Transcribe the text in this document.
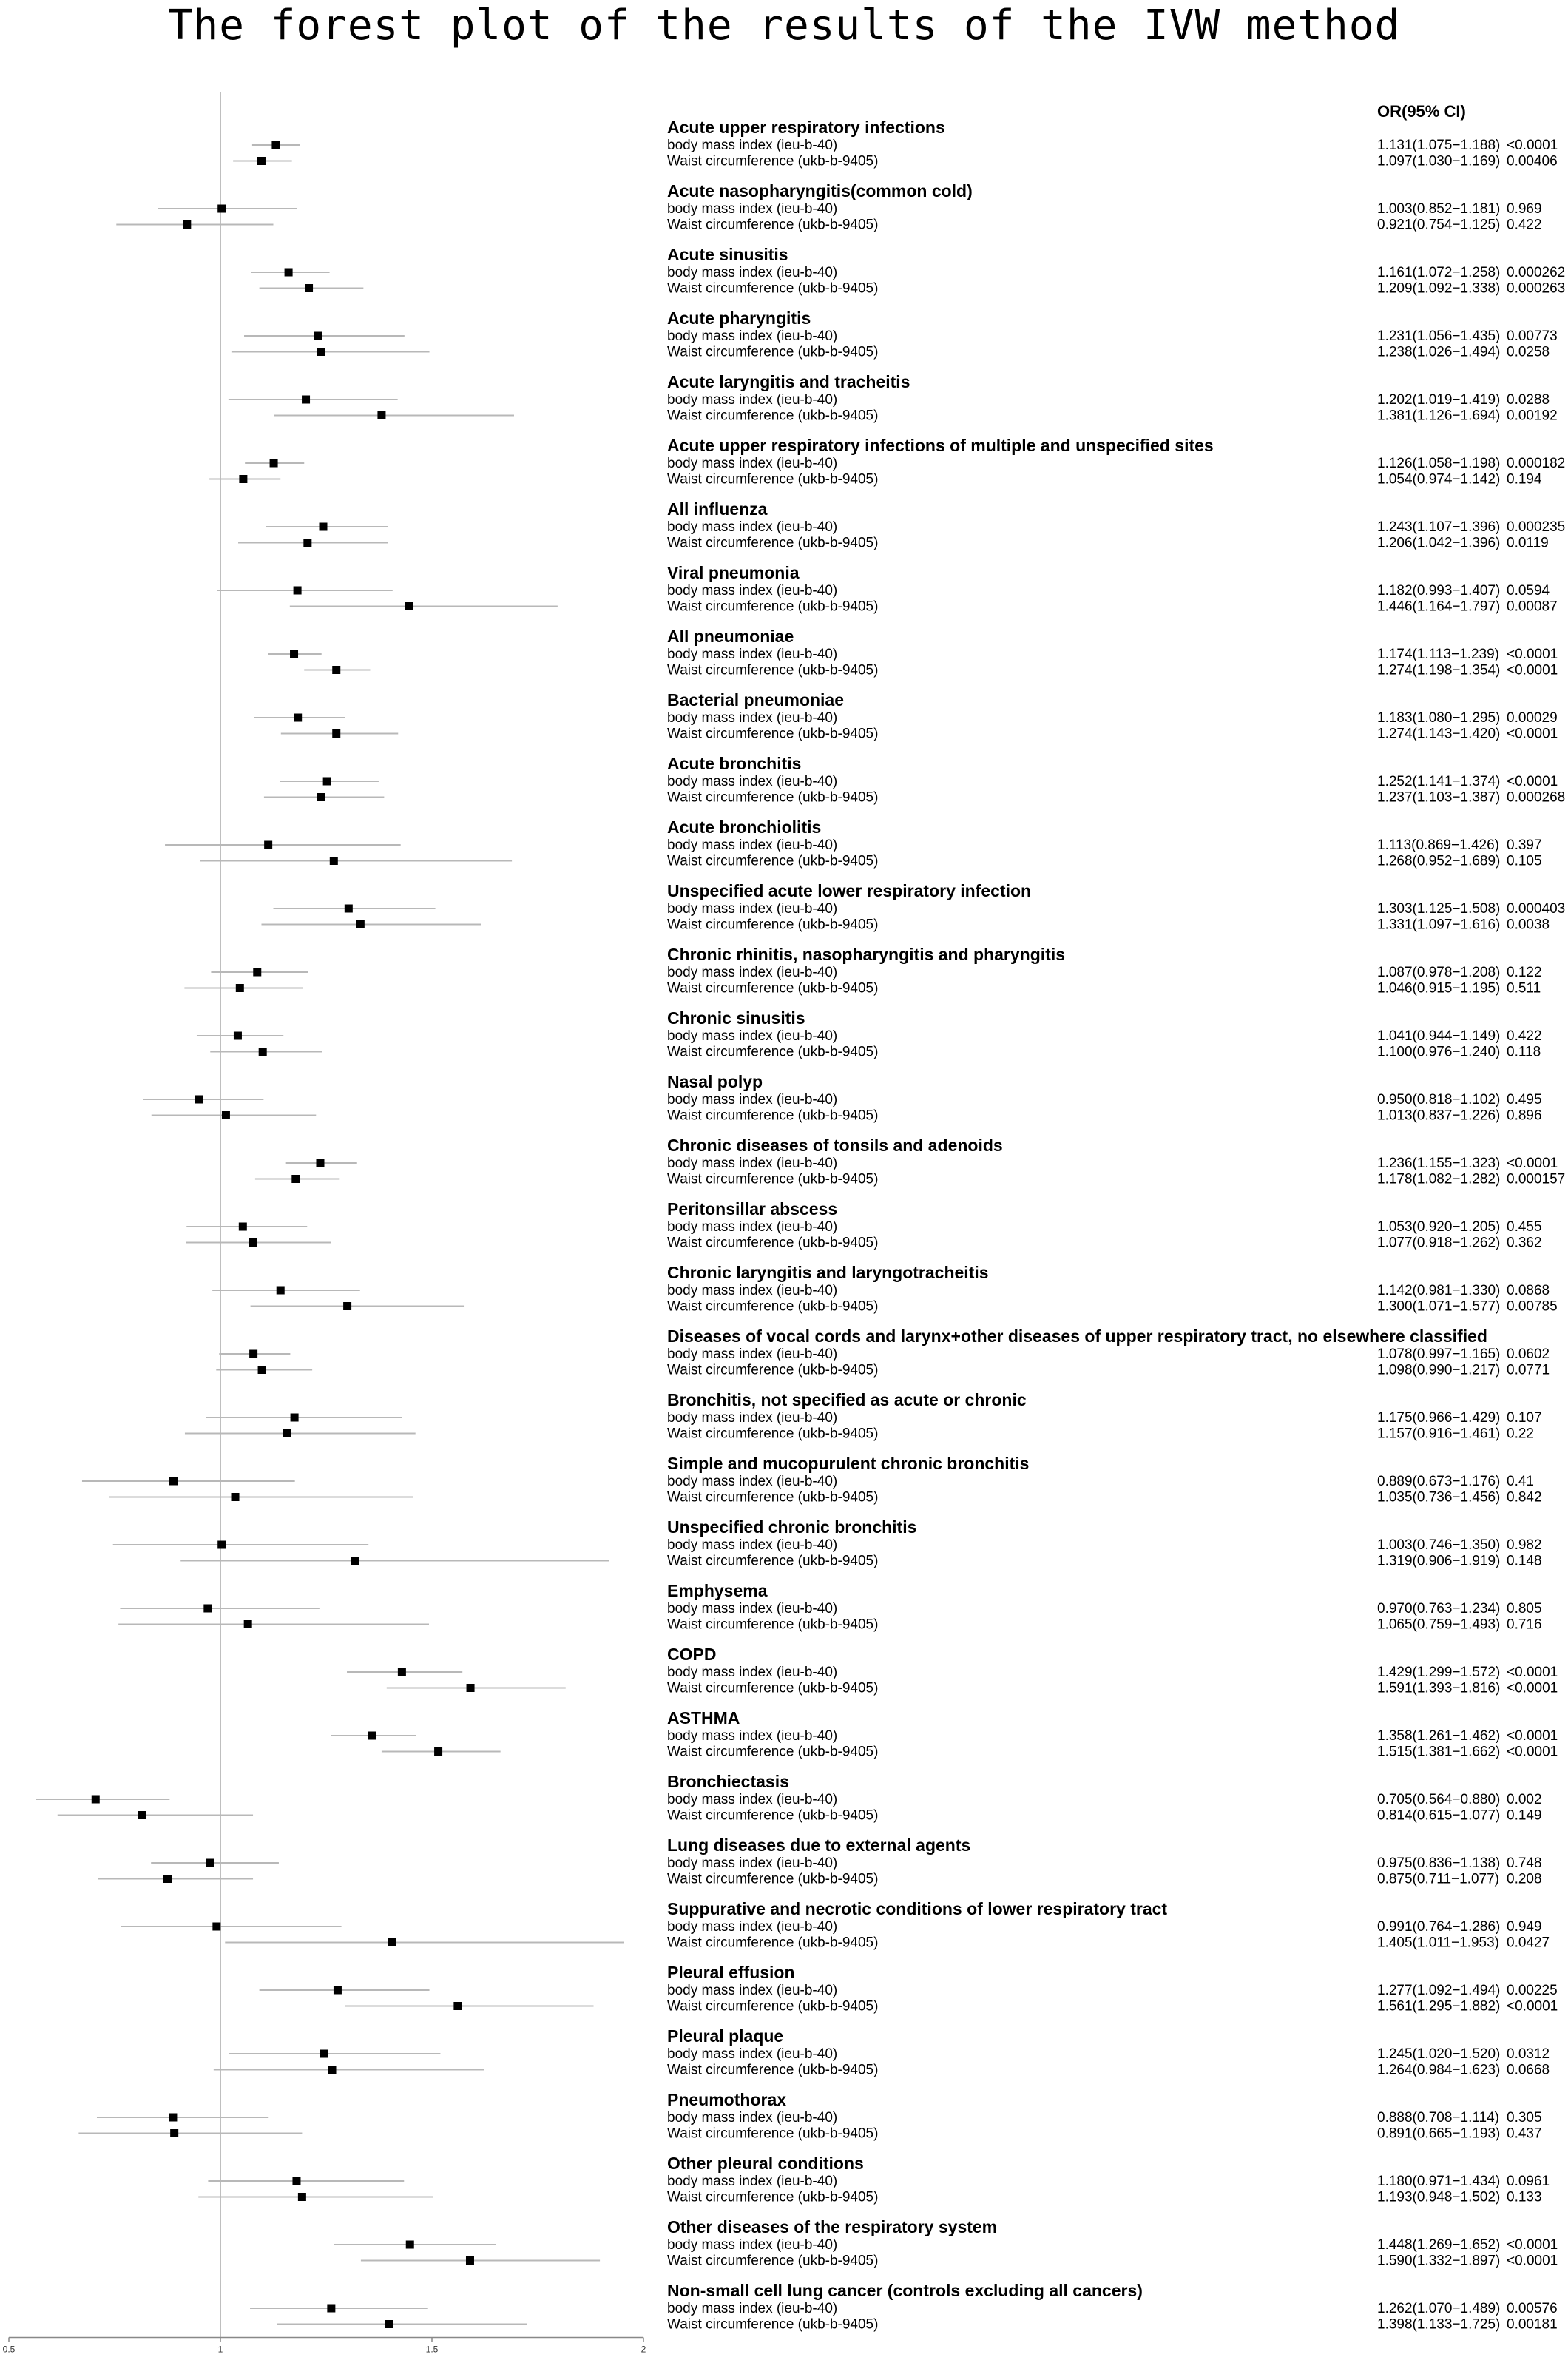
The forest plot of the results of the IVW method
OR(95% CI)
0.5	1	1.5	2
Acute upper respiratory infections
body mass index (ieu-b-40)	1.131(1.075−1.188) <0.0001
Waist circumference (ukb-b-9405)	1.097(1.030−1.169) 0.00406
Acute nasopharyngitis(common cold)
body mass index (ieu-b-40)	1.003(0.852−1.181) 0.969
Waist circumference (ukb-b-9405)	0.921(0.754−1.125) 0.422
Acute sinusitis
body mass index (ieu-b-40)	1.161(1.072−1.258) 0.000262
Waist circumference (ukb-b-9405)	1.209(1.092−1.338) 0.000263
Acute pharyngitis
body mass index (ieu-b-40)	1.231(1.056−1.435) 0.00773
Waist circumference (ukb-b-9405)	1.238(1.026−1.494) 0.0258
Acute laryngitis and tracheitis
body mass index (ieu-b-40)	1.202(1.019−1.419) 0.0288
Waist circumference (ukb-b-9405)	1.381(1.126−1.694) 0.00192
Acute upper respiratory infections of multiple and unspecified sites
body mass index (ieu-b-40)	1.126(1.058−1.198) 0.000182
Waist circumference (ukb-b-9405)	1.054(0.974−1.142) 0.194
All influenza
body mass index (ieu-b-40)	1.243(1.107−1.396) 0.000235
Waist circumference (ukb-b-9405)	1.206(1.042−1.396) 0.0119
Viral pneumonia
body mass index (ieu-b-40)	1.182(0.993−1.407) 0.0594
Waist circumference (ukb-b-9405)	1.446(1.164−1.797) 0.00087
All pneumoniae
body mass index (ieu-b-40)	1.174(1.113−1.239) <0.0001
Waist circumference (ukb-b-9405)	1.274(1.198−1.354) <0.0001
Bacterial pneumoniae
body mass index (ieu-b-40)	1.183(1.080−1.295) 0.00029
Waist circumference (ukb-b-9405)	1.274(1.143−1.420) <0.0001
Acute bronchitis
body mass index (ieu-b-40)	1.252(1.141−1.374) <0.0001
Waist circumference (ukb-b-9405)	1.237(1.103−1.387) 0.000268
Acute bronchiolitis
body mass index (ieu-b-40)	1.113(0.869−1.426) 0.397
Waist circumference (ukb-b-9405)	1.268(0.952−1.689) 0.105
Unspecified acute lower respiratory infection
body mass index (ieu-b-40)	1.303(1.125−1.508) 0.000403
Waist circumference (ukb-b-9405)	1.331(1.097−1.616) 0.0038
Chronic rhinitis, nasopharyngitis and pharyngitis
body mass index (ieu-b-40)	1.087(0.978−1.208) 0.122
Waist circumference (ukb-b-9405)	1.046(0.915−1.195) 0.511
Chronic sinusitis
body mass index (ieu-b-40)	1.041(0.944−1.149) 0.422
Waist circumference (ukb-b-9405)	1.100(0.976−1.240) 0.118
Nasal polyp
body mass index (ieu-b-40)	0.950(0.818−1.102) 0.495
Waist circumference (ukb-b-9405)	1.013(0.837−1.226) 0.896
Chronic diseases of tonsils and adenoids
body mass index (ieu-b-40)	1.236(1.155−1.323) <0.0001
Waist circumference (ukb-b-9405)	1.178(1.082−1.282) 0.000157
Peritonsillar abscess
body mass index (ieu-b-40)	1.053(0.920−1.205) 0.455
Waist circumference (ukb-b-9405)	1.077(0.918−1.262) 0.362
Chronic laryngitis and laryngotracheitis
body mass index (ieu-b-40)	1.142(0.981−1.330) 0.0868
Waist circumference (ukb-b-9405)	1.300(1.071−1.577) 0.00785
Diseases of vocal cords and larynx+other diseases of upper respiratory tract, no elsewhere classified
body mass index (ieu-b-40)	1.078(0.997−1.165) 0.0602
Waist circumference (ukb-b-9405)	1.098(0.990−1.217) 0.0771
Bronchitis, not specified as acute or chronic
body mass index (ieu-b-40)	1.175(0.966−1.429) 0.107
Waist circumference (ukb-b-9405)	1.157(0.916−1.461) 0.22
Simple and mucopurulent chronic bronchitis
body mass index (ieu-b-40)	0.889(0.673−1.176) 0.41
Waist circumference (ukb-b-9405)	1.035(0.736−1.456) 0.842
Unspecified chronic bronchitis
body mass index (ieu-b-40)	1.003(0.746−1.350) 0.982
Waist circumference (ukb-b-9405)	1.319(0.906−1.919) 0.148
Emphysema
body mass index (ieu-b-40)	0.970(0.763−1.234) 0.805
Waist circumference (ukb-b-9405)	1.065(0.759−1.493) 0.716
COPD
body mass index (ieu-b-40)	1.429(1.299−1.572) <0.0001
Waist circumference (ukb-b-9405)	1.591(1.393−1.816) <0.0001
ASTHMA
body mass index (ieu-b-40)	1.358(1.261−1.462) <0.0001
Waist circumference (ukb-b-9405)	1.515(1.381−1.662) <0.0001
Bronchiectasis
body mass index (ieu-b-40)	0.705(0.564−0.880) 0.002
Waist circumference (ukb-b-9405)	0.814(0.615−1.077) 0.149
Lung diseases due to external agents
body mass index (ieu-b-40)	0.975(0.836−1.138) 0.748
Waist circumference (ukb-b-9405)	0.875(0.711−1.077) 0.208
Suppurative and necrotic conditions of lower respiratory tract
body mass index (ieu-b-40)	0.991(0.764−1.286) 0.949
Waist circumference (ukb-b-9405)	1.405(1.011−1.953) 0.0427
Pleural effusion
body mass index (ieu-b-40)	1.277(1.092−1.494) 0.00225
Waist circumference (ukb-b-9405)	1.561(1.295−1.882) <0.0001
Pleural plaque
body mass index (ieu-b-40)	1.245(1.020−1.520) 0.0312
Waist circumference (ukb-b-9405)	1.264(0.984−1.623) 0.0668
Pneumothorax
body mass index (ieu-b-40)	0.888(0.708−1.114) 0.305
Waist circumference (ukb-b-9405)	0.891(0.665−1.193) 0.437
Other pleural conditions
body mass index (ieu-b-40)	1.180(0.971−1.434) 0.0961
Waist circumference (ukb-b-9405)	1.193(0.948−1.502) 0.133
Other diseases of the respiratory system
body mass index (ieu-b-40)	1.448(1.269−1.652) <0.0001
Waist circumference (ukb-b-9405)	1.590(1.332−1.897) <0.0001
Non-small cell lung cancer (controls excluding all cancers)
body mass index (ieu-b-40)	1.262(1.070−1.489) 0.00576
Waist circumference (ukb-b-9405)	1.398(1.133−1.725) 0.00181
